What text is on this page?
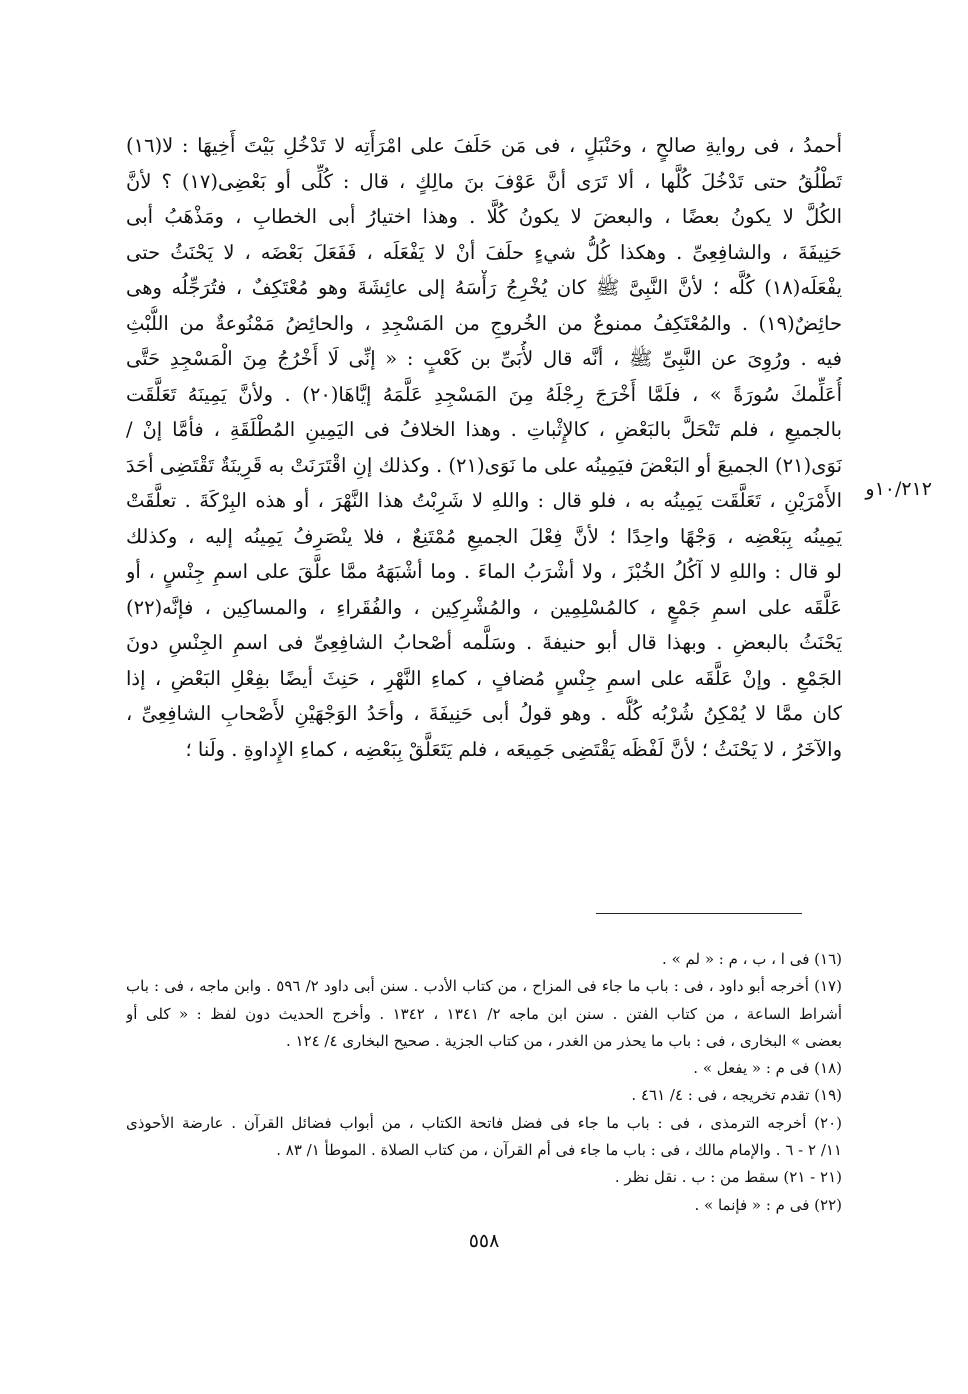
١٠/٢١٢و
أحمدُ ، فى روايةِ صالحٍ ، وحَنْبَلٍ ، فى مَن حَلَفَ على امْرَأَتِه لا تَدْخُلِ بَيْتَ أَخِيهَا : لا(١٦)
تَطْلُقُ حتى تَدْخُلَ كُلَّها ، ألا تَرَى أنَّ عَوْفَ بنَ مالِكٍ ، قال : كُلِّى أو بَعْضِى(١٧) ؟ لأنَّ
الكُلَّ لا يكونُ بعضًا ، والبعضَ لا يكونُ كُلًّا . وهذا اختيارُ أبى الخطابِ ، ومَذْهَبُ أبى
حَنِيفَةَ ، والشافِعِىِّ . وهكذا كُلُّ شيءٍ حلَفَ أنْ لا يَفْعَلَه ، فَفَعَلَ بَعْضَه ، لا يَحْنَثُ حتى
يفْعَلَه(١٨) كُلَّه ؛ لأنَّ النَّبِىَّ ﷺ كان يُخْرِجُ رَأْسَهُ إلى عائِشَةَ وهو مُعْتَكِفٌ ، فتُرَجِّلُه وهى
حائِضٌ(١٩) . والمُعْتَكِفُ ممنوعٌ من الخُروجِ من المَسْجِدِ ، والحائِضُ مَمْنُوعةٌ من اللُّبْثِ
فيه . ورُوِىَ عن النَّبِىِّ ﷺ ، أنَّه قال لأُبَىِّ بن كَعْبٍ : « إنِّى لَا أَخْرُجُ مِنَ الْمَسْجِدِ حَتَّى
أُعَلِّمكَ سُورَةً » ، فلَمَّا أَخْرَجَ رِجْلَهُ مِنَ المَسْجِدِ عَلَّمَهُ إيَّاهَا(٢٠) . ولأنَّ يَمِينَهُ تَعَلَّقَت
بالجميعِ ، فلم تَنْحَلَّ بالبَعْضِ ، كالإِثْباتِ . وهذا الخلافُ فى اليَمِينِ المُطْلَقَةِ ، فأمَّا إنْ /
نَوَى(٢١) الجميعَ أو البَعْضَ فيَمِينُه على ما نَوَى(٢١) . وكذلك إنِ اقْتَرَنَتْ به قَرِينَةٌ تَقْتَضِى أحَدَ
الأَمْرَيْنِ ، تَعَلَّقَت يَمِينُه به ، فلو قال : واللهِ لا شَرِبْتُ هذا النَّهْرَ ، أو هذه البِرْكَةَ . تعلَّقَتْ
يَمِينُه بِبَعْضِه ، وَجْهًا واحِدًا ؛ لأنَّ فِعْلَ الجميعِ مُمْتَنِعٌ ، فلا ينْصَرِفُ يَمِينُه إليه ، وكذلك
لو قال : واللهِ لا آكُلُ الخُبْزَ ، ولا أشْرَبُ الماءَ . وما أشْبَهَهُ ممَّا علَّقَ على اسمِ جِنْسٍ ، أو
عَلَّقَه على اسمِ جَمْعٍ ، كالمُسْلِمِين ، والمُشْرِكِين ، والفُقَراءِ ، والمساكِين ، فإنَّه(٢٢)
يَحْنَثُ بالبعضِ . وبهذا قال أبو حنيفةَ . وسَلَّمه أصْحابُ الشافِعِىِّ فى اسمِ الجِنْسِ دونَ
الجَمْعِ . وإنْ عَلَّقَه على اسمِ جِنْسٍ مُضافٍ ، كماءِ النَّهْرِ ، حَنِثَ أيضًا بفِعْلِ البَعْضِ ، إذا
كان ممَّا لا يُمْكِنُ شُرْبُه كُلُّه . وهو قولُ أبى حَنِيفَةَ ، وأحَدُ الوَجْهَيْنِ لأَصْحابِ الشافِعِىِّ ،
والآخَرُ ، لا يَحْنَثُ ؛ لأنَّ لَفْظَه يَقْتَضِى جَمِيعَه ، فلم يَتَعَلَّقْ بِبَعْضِه ، كماءِ الإِداوةِ . ولَنا ؛
(١٦) فى ا ، ب ، م : « لم » .
(١٧) أخرجه أبو داود ، فى : باب ما جاء فى المزاح ، من كتاب الأدب . سنن أبى داود ٢/ ٥٩٦ . وابن ماجه ، فى : باب
أشراط الساعة ، من كتاب الفتن . سنن ابن ماجه ٢/ ١٣٤١ ، ١٣٤٢ . وأخرج الحديث دون لفظ : « كلى أو
بعضى » البخارى ، فى : باب ما يحذر من الغدر ، من كتاب الجزية . صحيح البخارى ٤/ ١٢٤ .
(١٨) فى م : « يفعل » .
(١٩) تقدم تخريجه ، فى : ٤/ ٤٦١ .
(٢٠) أخرجه الترمذى ، فى : باب ما جاء فى فضل فاتحة الكتاب ، من أبواب فضائل القرآن . عارضة الأحوذى
١١/ ٢ - ٦ . والإمام مالك ، فى : باب ما جاء فى أم القرآن ، من كتاب الصلاة . الموطأ ١/ ٨٣ .
(٢١ - ٢١) سقط من : ب . نقل نظر .
(٢٢) فى م : « فإنما » .
٥٥٨
